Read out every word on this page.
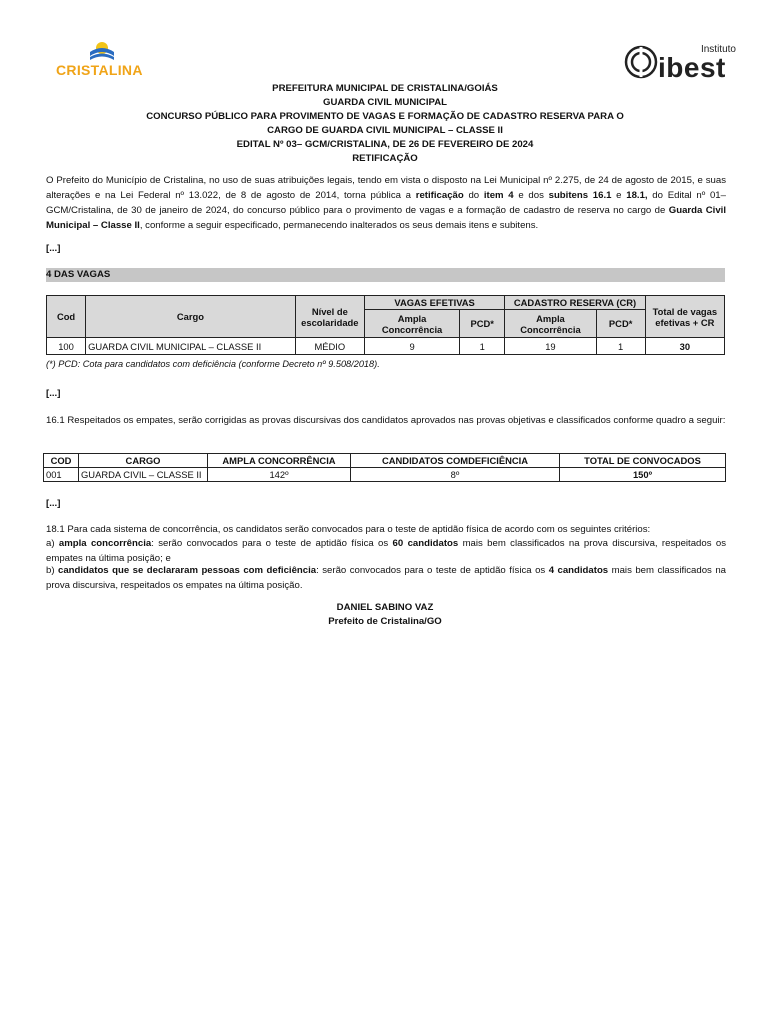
CRISTALINA
Instituto
ibest
PREFEITURA MUNICIPAL DE CRISTALINA/GOIÁS
GUARDA CIVIL MUNICIPAL
CONCURSO PÚBLICO PARA PROVIMENTO DE VAGAS E FORMAÇÃO DE CADASTRO RESERVA PARA O
CARGO DE GUARDA CIVIL MUNICIPAL – CLASSE II
EDITAL Nº 03– GCM/CRISTALINA, DE 26 DE FEVEREIRO DE 2024
RETIFICAÇÃO
O Prefeito do Município de Cristalina, no uso de suas atribuições legais, tendo em vista o disposto na Lei Municipal nº 2.275, de 24 de agosto de 2015, e suas alterações e na Lei Federal nº 13.022, de 8 de agosto de 2014, torna pública a retificação do item 4 e dos subitens 16.1 e 18.1, do Edital nº 01– GCM/Cristalina, de 30 de janeiro de 2024, do concurso público para o provimento de vagas e a formação de cadastro de reserva no cargo de Guarda Civil Municipal – Classe II, conforme a seguir especificado, permanecendo inalterados os seus demais itens e subitens.
[...]
4 DAS VAGAS
Cod	Cargo	Nível de escolaridade	VAGAS EFETIVAS		CADASTRO RESERVA (CR)		Total de vagas efetivas + CR
			Ampla Concorrência	PCD*	Ampla Concorrência	PCD*	
100	GUARDA CIVIL MUNICIPAL – CLASSE II	MÉDIO	9	1	19	1	30
(*) PCD: Cota para candidatos com deficiência (conforme Decreto nº 9.508/2018).
[...]
16.1 Respeitados os empates, serão corrigidas as provas discursivas dos candidatos aprovados nas provas objetivas e classificados conforme quadro a seguir:
COD	CARGO	AMPLA CONCORRÊNCIA	CANDIDATOS COMDEFICIÊNCIA	TOTAL DE CONVOCADOS
001	GUARDA CIVIL – CLASSE II	142º	8º	150º
[...]
18.1 Para cada sistema de concorrência, os candidatos serão convocados para o teste de aptidão física de acordo com os seguintes critérios:
a) ampla concorrência: serão convocados para o teste de aptidão física os 60 candidatos mais bem classificados na prova discursiva, respeitados os empates na última posição; e
b) candidatos que se declararam pessoas com deficiência: serão convocados para o teste de aptidão física os 4 candidatos mais bem classificados na prova discursiva, respeitados os empates na última posição.
DANIEL SABINO VAZ
Prefeito de Cristalina/GO
